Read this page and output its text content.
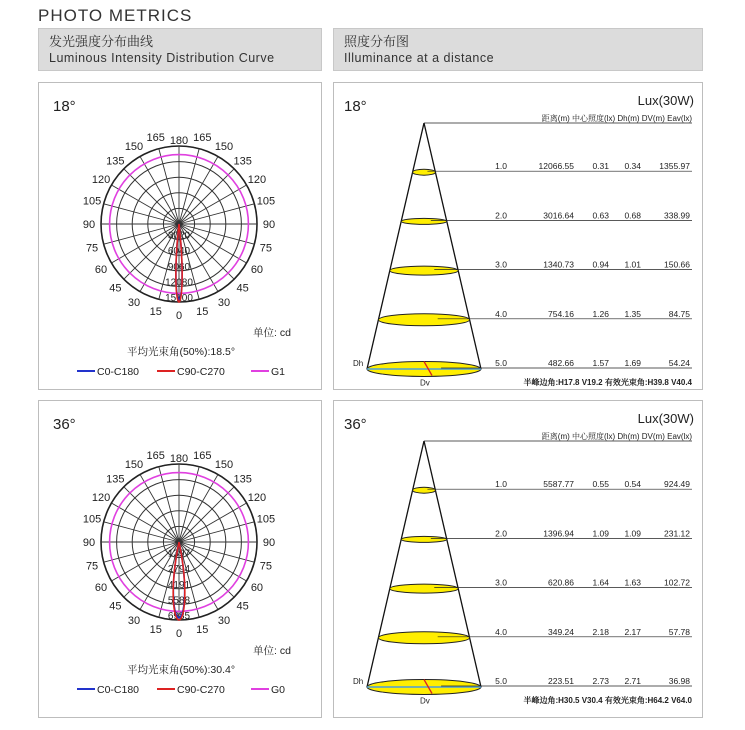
PHOTO METRICS
发光强度分布曲线
Luminous Intensity Distribution Curve
照度分布图
Illuminance at a distance
18°
180
165	165
150	150
135	135
120	120
105	105
90	90
75	75
60	60
45	45
30	30
15	15
0
3020
6040
9060
12080
15100
单位: cd
平均光束角(50%):18.5°
C0-C180	C90-C270	G1
18°	Lux(30W)
距离(m) 中心照度(lx) Dh(m) DV(m) Eav(lx)
1.0	12066.55 0.31 0.34 1355.97
2.0	3016.64 0.63 0.68	338.99
3.0	1340.73 0.94 1.01	150.66
4.0	754.16 1.26 1.35	84.75
Dh
Dv
5.0	482.66 1.57 1.69	54.24
半峰边角:H17.8 V19.2 有效光束角:H39.8 V40.4
36°
180
165	165
150	150
135	135
120	120
105	105
90	90
75	75
60	60
45	45
30	30
15	15
0
1397
2794
4191
5588
6985
单位: cd
平均光束角(50%):30.4°
C0-C180	C90-C270	G0
36°	Lux(30W)
距离(m) 中心照度(lx) Dh(m) DV(m) Eav(lx)
1.0	5587.77 0.55 0.54	924.49
2.0	1396.94 1.09 1.09	231.12
3.0	620.86 1.64 1.63	102.72
4.0	349.24 2.18 2.17	57.78
Dh
Dv
5.0	223.51 2.73 2.71	36.98
半峰边角:H30.5 V30.4 有效光束角:H64.2 V64.0
